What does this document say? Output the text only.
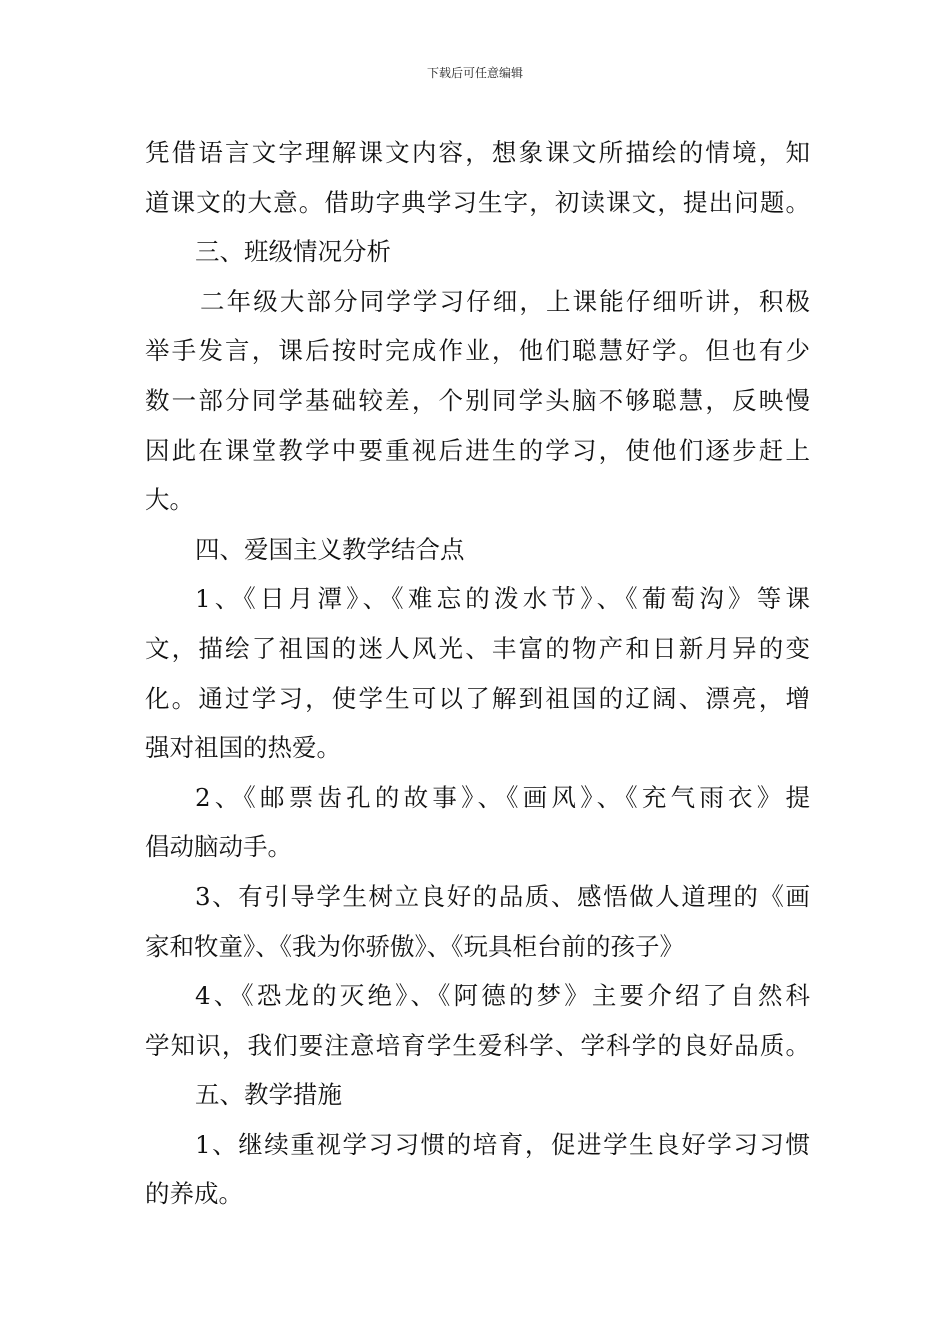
下载后可任意编辑
凭借语言文字理解课文内容，想象课文所描绘的情境，知
道课文的大意。借助字典学习生字，初读课文，提出问题。
三、班级情况分析
二年级大部分同学学习仔细，上课能仔细听讲，积极
举手发言，课后按时完成作业，他们聪慧好学。但也有少
数一部分同学基础较差，个别同学头脑不够聪慧，反映慢
因此在课堂教学中要重视后进生的学习，使他们逐步赶上
大。
四、爱国主义教学结合点
1、《日月潭》、《难忘的泼水节》、《葡萄沟》等课
文，描绘了祖国的迷人风光、丰富的物产和日新月异的变
化。通过学习，使学生可以了解到祖国的辽阔、漂亮，增
强对祖国的热爱。
2、《邮票齿孔的故事》、《画风》、《充气雨衣》提
倡动脑动手。
3、有引导学生树立良好的品质、感悟做人道理的《画
家和牧童》、《我为你骄傲》、《玩具柜台前的孩子》
4、《恐龙的灭绝》、《阿德的梦》主要介绍了自然科
学知识，我们要注意培育学生爱科学、学科学的良好品质。
五、教学措施
1、继续重视学习习惯的培育，促进学生良好学习习惯
的养成。
